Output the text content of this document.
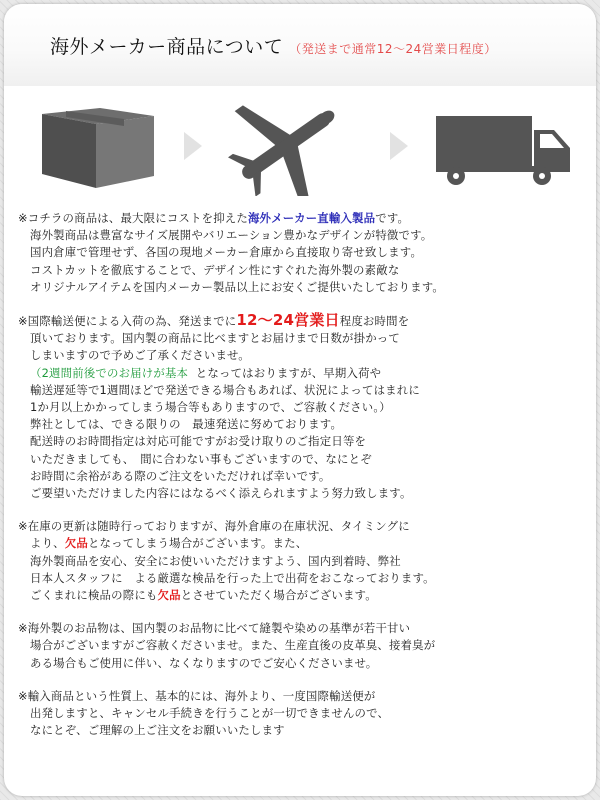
海外メーカー商品について （発送まで通常12～24営業日程度）
※コチラの商品は、最大限にコストを抑えた海外メーカー直輸入製品です。
海外製商品は豊富なサイズ展開やバリエーション豊かなデザインが特徴です。
国内倉庫で管理せず、各国の現地メーカー倉庫から直接取り寄せ致します。
コストカットを徹底することで、デザイン性にすぐれた海外製の素敵な
オリジナルアイテムを国内メーカー製品以上にお安くご提供いたしております。
※国際輸送便による入荷の為、発送までに12～24営業日程度お時間を
頂いております。国内製の商品に比べますとお届けまで日数が掛かって
しまいますので予めご了承くださいませ。
（2週間前後でのお届けが基本 となってはおりますが、早期入荷や
輸送遅延等で1週間ほどで発送できる場合もあれば、状況によってはまれに
1か月以上かかってしまう場合等もありますので、ご容赦ください。）
弊社としては、できる限りの　最速発送に努めております。
配送時のお時間指定は対応可能ですがお受け取りのご指定日等を
いただきましても、　間に合わない事もございますので、なにとぞ
お時間に余裕がある際のご注文をいただければ幸いです。
ご要望いただけました内容にはなるべく添えられますよう努力致します。
※在庫の更新は随時行っておりますが、海外倉庫の在庫状況、タイミングに
より、欠品となってしまう場合がございます。また、
海外製商品を安心、安全にお使いいただけますよう、国内到着時、弊社
日本人スタッフに　よる厳選な検品を行った上で出荷をおこなっております。
ごくまれに検品の際にも欠品とさせていただく場合がございます。
※海外製のお品物は、国内製のお品物に比べて縫製や染めの基準が若干甘い
場合がございますがご容赦くださいませ。また、生産直後の皮革臭、接着臭が
ある場合もご使用に伴い、なくなりますのでご安心くださいませ。
※輸入商品という性質上、基本的には、海外より、一度国際輸送便が
出発しますと、キャンセル手続きを行うことが一切できませんので、
なにとぞ、ご理解の上ご注文をお願いいたします
